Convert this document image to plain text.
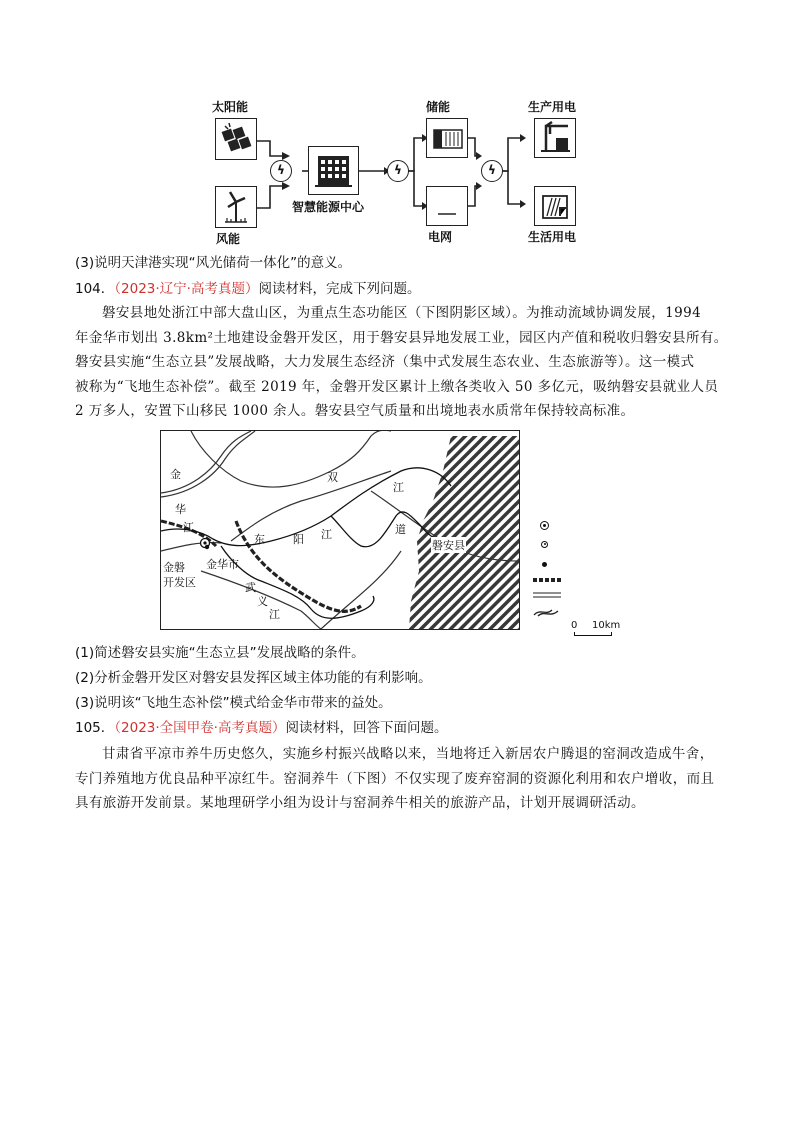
太阳能
风能
ϟ
智慧能源中心
ϟ
储能
电网
ϟ
生产用电
生活用电
(3)说明天津港实现“风光储荷一体化”的意义。
104．（2023·辽宁·高考真题）阅读材料，完成下列问题。
磐安县地处浙江中部大盘山区，为重点生态功能区（下图阴影区域）。为推动流域协调发展，1994
年金华市划出 3.8km²土地建设金磐开发区，用于磐安县异地发展工业，园区内产值和税收归磐安县所有。
磐安县实施“生态立县”发展战略，大力发展生态经济（集中式发展生态农业、生态旅游等）。这一模式
被称为“飞地生态补偿”。截至 2019 年，金磐开发区累计上缴各类收入 50 多亿元，吸纳磐安县就业人员
2 万多人，安置下山移民 1000 余人。磐安县空气质量和出境地表水质常年保持较高标准。
金
华
江
金磐
开发区
金华市
东	阳 江
武
义
江
双
江
道
磐安县
0 10km
(1)简述磐安县实施“生态立县”发展战略的条件。
(2)分析金磐开发区对磐安县发挥区域主体功能的有利影响。
(3)说明该“飞地生态补偿”模式给金华市带来的益处。
105．（2023·全国甲卷·高考真题）阅读材料，回答下面问题。
甘肃省平凉市养牛历史悠久，实施乡村振兴战略以来，当地将迁入新居农户腾退的窑洞改造成牛舍，
专门养殖地方优良品种平凉红牛。窑洞养牛（下图）不仅实现了废弃窑洞的资源化利用和农户增收，而且
具有旅游开发前景。某地理研学小组为设计与窑洞养牛相关的旅游产品，计划开展调研活动。
